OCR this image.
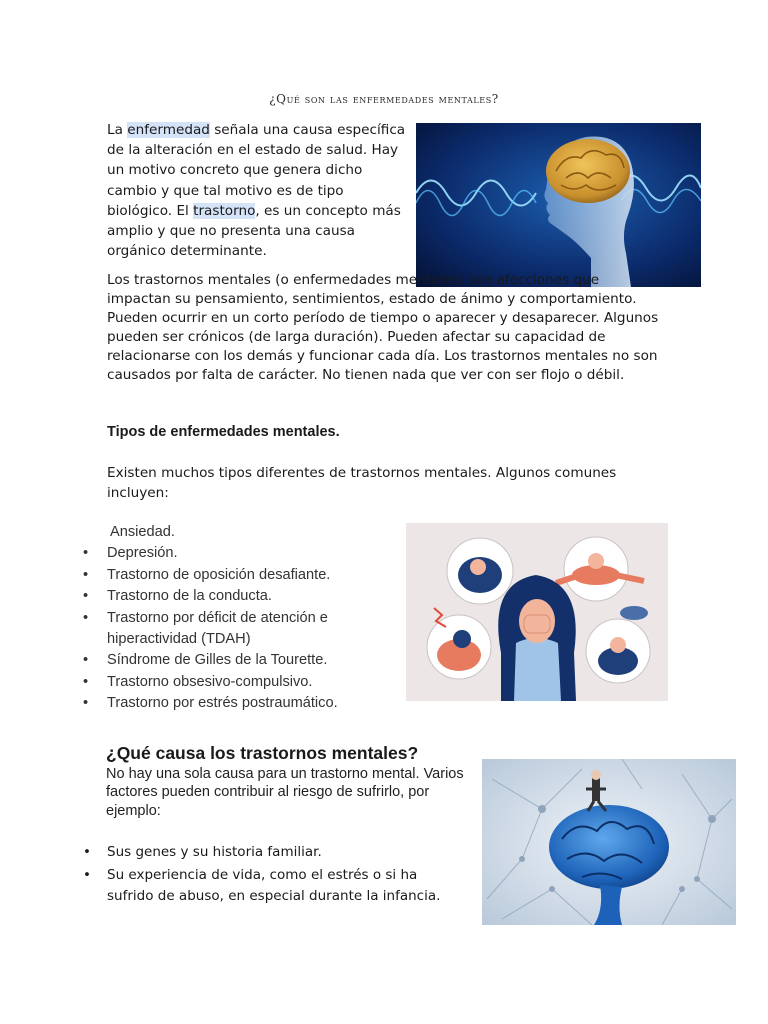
¿Qué son las enfermedades mentales?
La enfermedad señala una causa específica de la alteración en el estado de salud. Hay un motivo concreto que genera dicho cambio y que tal motivo es de tipo biológico. El trastorno, es un concepto más amplio y que no presenta una causa orgánico determinante.
Los trastornos mentales (o enfermedades mentales) son afecciones que impactan su pensamiento, sentimientos, estado de ánimo y comportamiento. Pueden ocurrir en un corto período de tiempo o aparecer y desaparecer. Algunos pueden ser crónicos (de larga duración). Pueden afectar su capacidad de relacionarse con los demás y funcionar cada día. Los trastornos mentales no son causados por falta de carácter. No tienen nada que ver con ser flojo o débil.
Tipos de enfermedades mentales.
Existen muchos tipos diferentes de trastornos mentales. Algunos comunes incluyen:
Ansiedad.
• Depresión.
• Trastorno de oposición desafiante.
• Trastorno de la conducta.
• Trastorno por déficit de atención e hiperactividad (TDAH)
• Síndrome de Gilles de la Tourette.
• Trastorno obsesivo-compulsivo.
• Trastorno por estrés postraumático.
¿Qué causa los trastornos mentales?
No hay una sola causa para un trastorno mental. Varios factores pueden contribuir al riesgo de sufrirlo, por ejemplo:
• Sus genes y su historia familiar.
• Su experiencia de vida, como el estrés o si ha sufrido de abuso, en especial durante la infancia.
